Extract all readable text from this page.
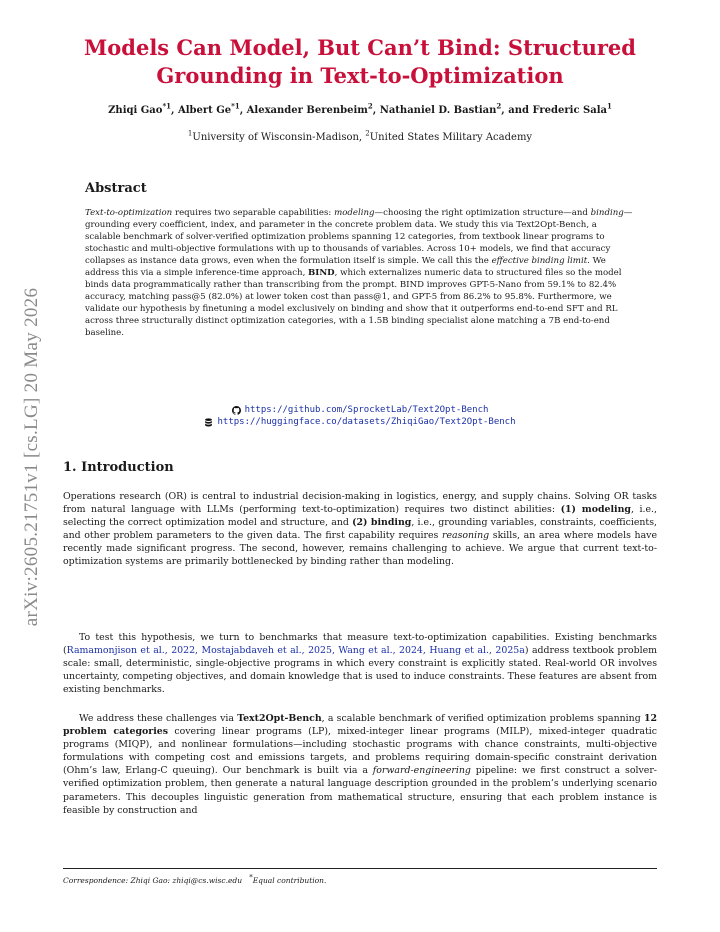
arXiv:2605.21751v1 [cs.LG] 20 May 2026
Models Can Model, But Can’t Bind: Structured
Grounding in Text-to-Optimization
Zhiqi Gao$^{*1}$, Albert Ge$^{*1}$, Alexander Berenbeim$^2$, Nathaniel D. Bastian$^2$, and Frederic Sala$^1$
$^1$University of Wisconsin-Madison, $^2$United States Military Academy
Abstract

Text-to-optimization requires two separable capabilities: modeling—choosing the right optimization structure—and binding—grounding every coefficient, index, and parameter in the concrete problem data. We study this via Text2Opt-Bench, a scalable benchmark of solver-verified optimization problems spanning 12 categories, from textbook linear programs to stochastic and multi-objective formulations with up to thousands of variables. Across 10+ models, we find that accuracy collapses as instance data grows, even when the formulation itself is simple. We call this the effective binding limit. We address this via a simple inference-time approach, BIND, which externalizes numeric data to structured files so the model binds data programmatically rather than transcribing from the prompt. BIND improves GPT-5-Nano from 59.1% to 82.4% accuracy, matching pass@5 (82.0%) at lower token cost than pass@1, and GPT-5 from 86.2% to 95.8%. Furthermore, we validate our hypothesis by finetuning a model exclusively on binding and show that it outperforms end-to-end SFT and RL across three structurally distinct optimization categories, with a 1.5B binding specialist alone matching a 7B end-to-end baseline.

https://github.com/SprocketLab/Text2Opt-Bench
https://huggingface.co/datasets/ZhiqiGao/Text2Opt-Bench
1. Introduction

Operations research (OR) is central to industrial decision-making in logistics, energy, and supply chains. Solving OR tasks from natural language with LLMs (performing text-to-optimization) requires two distinct abilities: (1) modeling, i.e., selecting the correct optimization model and structure, and (2) binding, i.e., grounding variables, constraints, coefficients, and other problem parameters to the given data. The first capability requires reasoning skills, an area where models have recently made significant progress. The second, however, remains challenging to achieve. We argue that current text-to-optimization systems are primarily bottlenecked by binding rather than modeling.

To test this hypothesis, we turn to benchmarks that measure text-to-optimization capabilities. Existing benchmarks (Ramamonjison et al., 2022, Mostajabdaveh et al., 2025, Wang et al., 2024, Huang et al., 2025a) address textbook problem scale: small, deterministic, single-objective programs in which every constraint is explicitly stated. Real-world OR involves uncertainty, competing objectives, and domain knowledge that is used to induce constraints. These features are absent from existing benchmarks.

We address these challenges via Text2Opt-Bench, a scalable benchmark of verified optimization problems spanning 12 problem categories covering linear programs (LP), mixed-integer linear programs (MILP), mixed-integer quadratic programs (MIQP), and nonlinear formulations—including stochastic programs with chance constraints, multi-objective formulations with competing cost and emissions targets, and problems requiring domain-specific constraint derivation (Ohm’s law, Erlang-C queuing). Our benchmark is built via a forward-engineering pipeline: we first construct a solver-verified optimization problem, then generate a natural language description grounded in the problem’s underlying scenario parameters. This decouples linguistic generation from mathematical structure, ensuring that each problem instance is feasible by construction and

Correspondence: Zhiqi Gao: zhiqi@cs.wisc.edu *Equal contribution.
